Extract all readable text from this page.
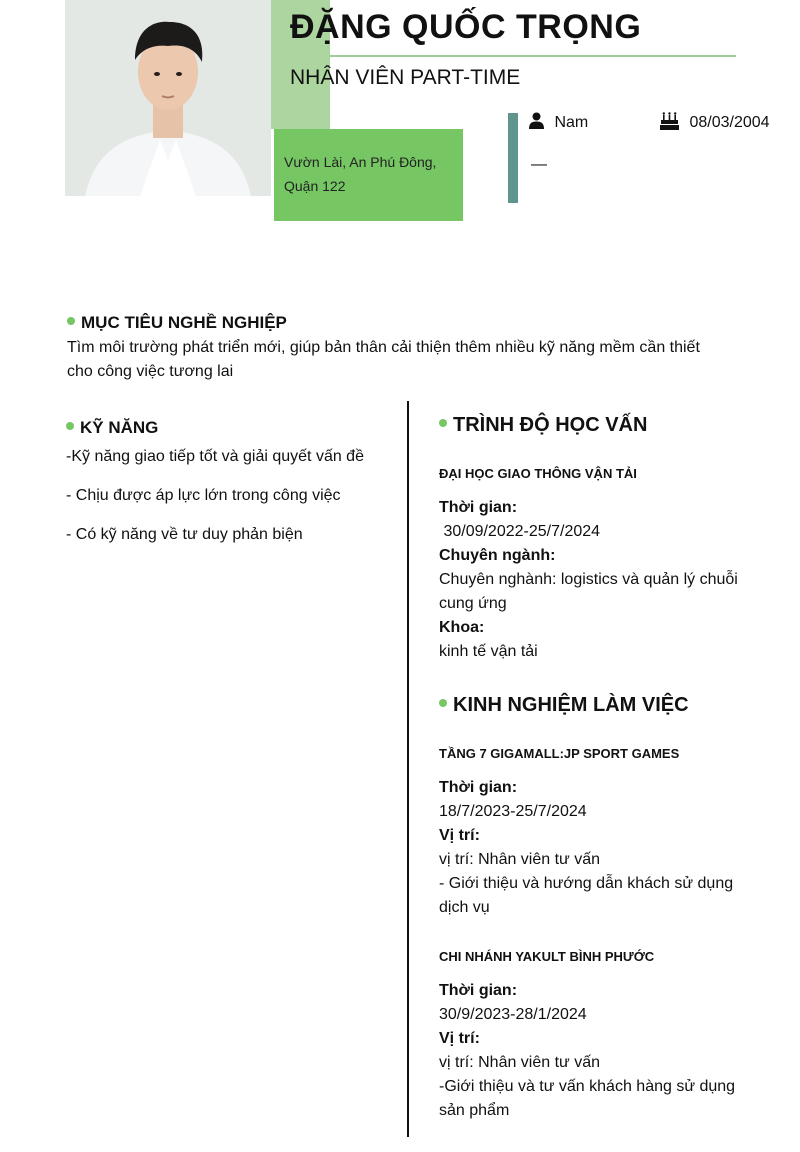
Vườn Lài, An Phú Đông,
Quận 122
ĐẶNG QUỐC TRỌNG
NHÂN VIÊN PART-TIME
Nam	08/03/2004
—
MỤC TIÊU NGHỀ NGHIỆP
Tìm môi trường phát triển mới, giúp bản thân cải thiện thêm nhiều kỹ năng mềm cần thiết
cho công việc tương lai
KỸ NĂNG
-Kỹ năng giao tiếp tốt và giải quyết vấn đề
- Chịu được áp lực lớn trong công việc
- Có kỹ năng về tư duy phản biện
TRÌNH ĐỘ HỌC VẤN
ĐẠI HỌC GIAO THÔNG VẬN TẢI
Thời gian:
30/09/2022-25/7/2024
Chuyên ngành:
Chuyên nghành: logistics và quản lý chuỗi
cung ứng
Khoa:
kinh tế vận tải
KINH NGHIỆM LÀM VIỆC
TẦNG 7 GIGAMALL:JP SPORT GAMES
Thời gian:
18/7/2023-25/7/2024
Vị trí:
vị trí: Nhân viên tư vấn
- Giới thiệu và hướng dẫn khách sử dụng
dịch vụ
CHI NHÁNH YAKULT BÌNH PHƯỚC
Thời gian:
30/9/2023-28/1/2024
Vị trí:
vị trí: Nhân viên tư vấn
-Giới thiệu và tư vấn khách hàng sử dụng
sản phẩm
